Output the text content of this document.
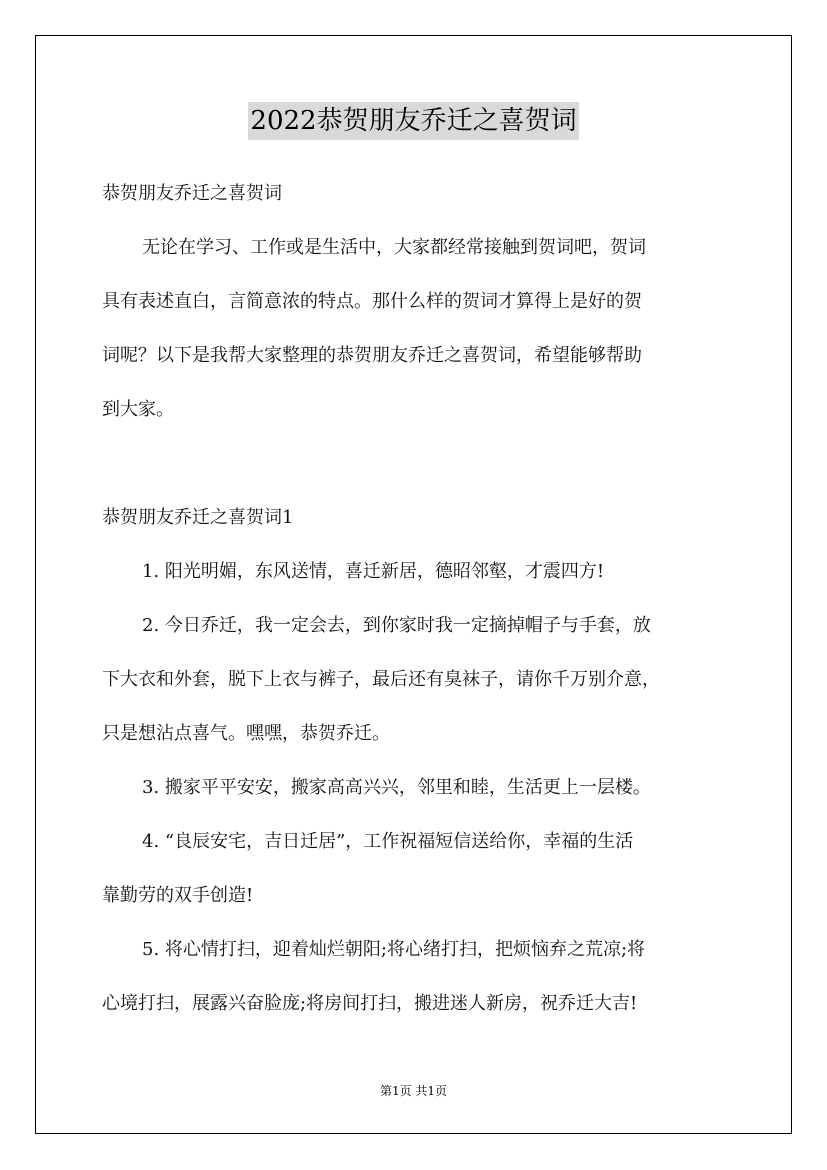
2022恭贺朋友乔迁之喜贺词
恭贺朋友乔迁之喜贺词
无论在学习、工作或是生活中，大家都经常接触到贺词吧，贺词
具有表述直白，言简意浓的特点。那什么样的贺词才算得上是好的贺
词呢？以下是我帮大家整理的恭贺朋友乔迁之喜贺词，希望能够帮助
到大家。
恭贺朋友乔迁之喜贺词1
1. 阳光明媚，东风送情，喜迁新居，德昭邻壑，才震四方!
2. 今日乔迁，我一定会去，到你家时我一定摘掉帽子与手套，放
下大衣和外套，脱下上衣与裤子，最后还有臭袜子，请你千万别介意，
只是想沾点喜气。嘿嘿，恭贺乔迁。
3. 搬家平平安安，搬家高高兴兴，邻里和睦，生活更上一层楼。
4. “良辰安宅，吉日迁居”，工作祝福短信送给你，幸福的生活
靠勤劳的双手创造!
5. 将心情打扫，迎着灿烂朝阳;将心绪打扫，把烦恼弃之荒凉;将
心境打扫，展露兴奋脸庞;将房间打扫，搬进迷人新房，祝乔迁大吉!
第1页 共1页
